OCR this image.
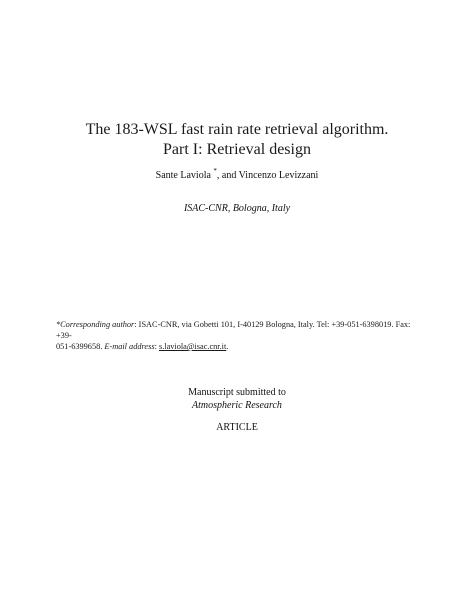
The 183-WSL fast rain rate retrieval algorithm.
Part I: Retrieval design
Sante Laviola *, and Vincenzo Levizzani
ISAC-CNR, Bologna, Italy
*Corresponding author: ISAC-CNR, via Gobetti 101, I-40129 Bologna, Italy. Tel: +39-051-6398019. Fax: +39-
051-6399658. E-mail address: s.laviola@isac.cnr.it.
Manuscript submitted to
Atmospheric Research
ARTICLE
